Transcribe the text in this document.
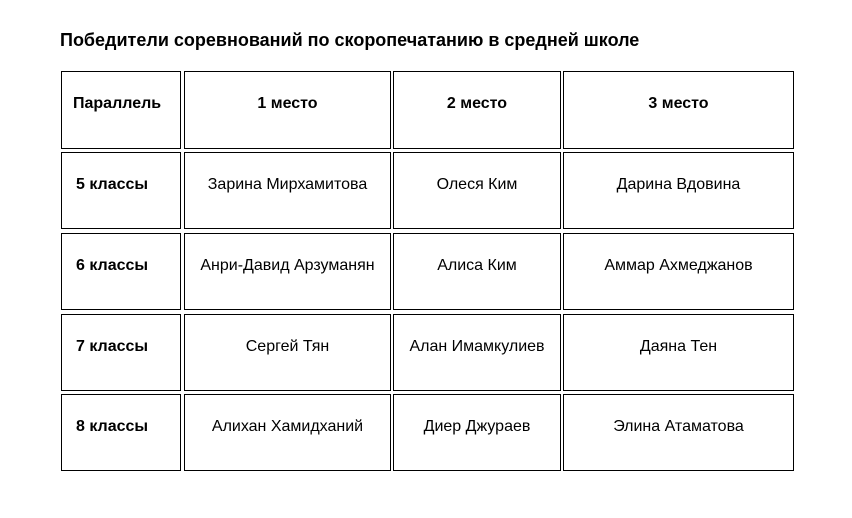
Победители соревнований по скоропечатанию в средней школе
Параллель	1 место	2 место	3 место
5 классы	Зарина Мирхамитова	Олеся Ким	Дарина Вдовина
6 классы	Анри-Давид Арзуманян	Алиса Ким	Аммар Ахмеджанов
7 классы	Сергей Тян	Алан Имамкулиев	Даяна Тен
8 классы	Алихан Хамидханий	Диер Джураев	Элина Атаматова
